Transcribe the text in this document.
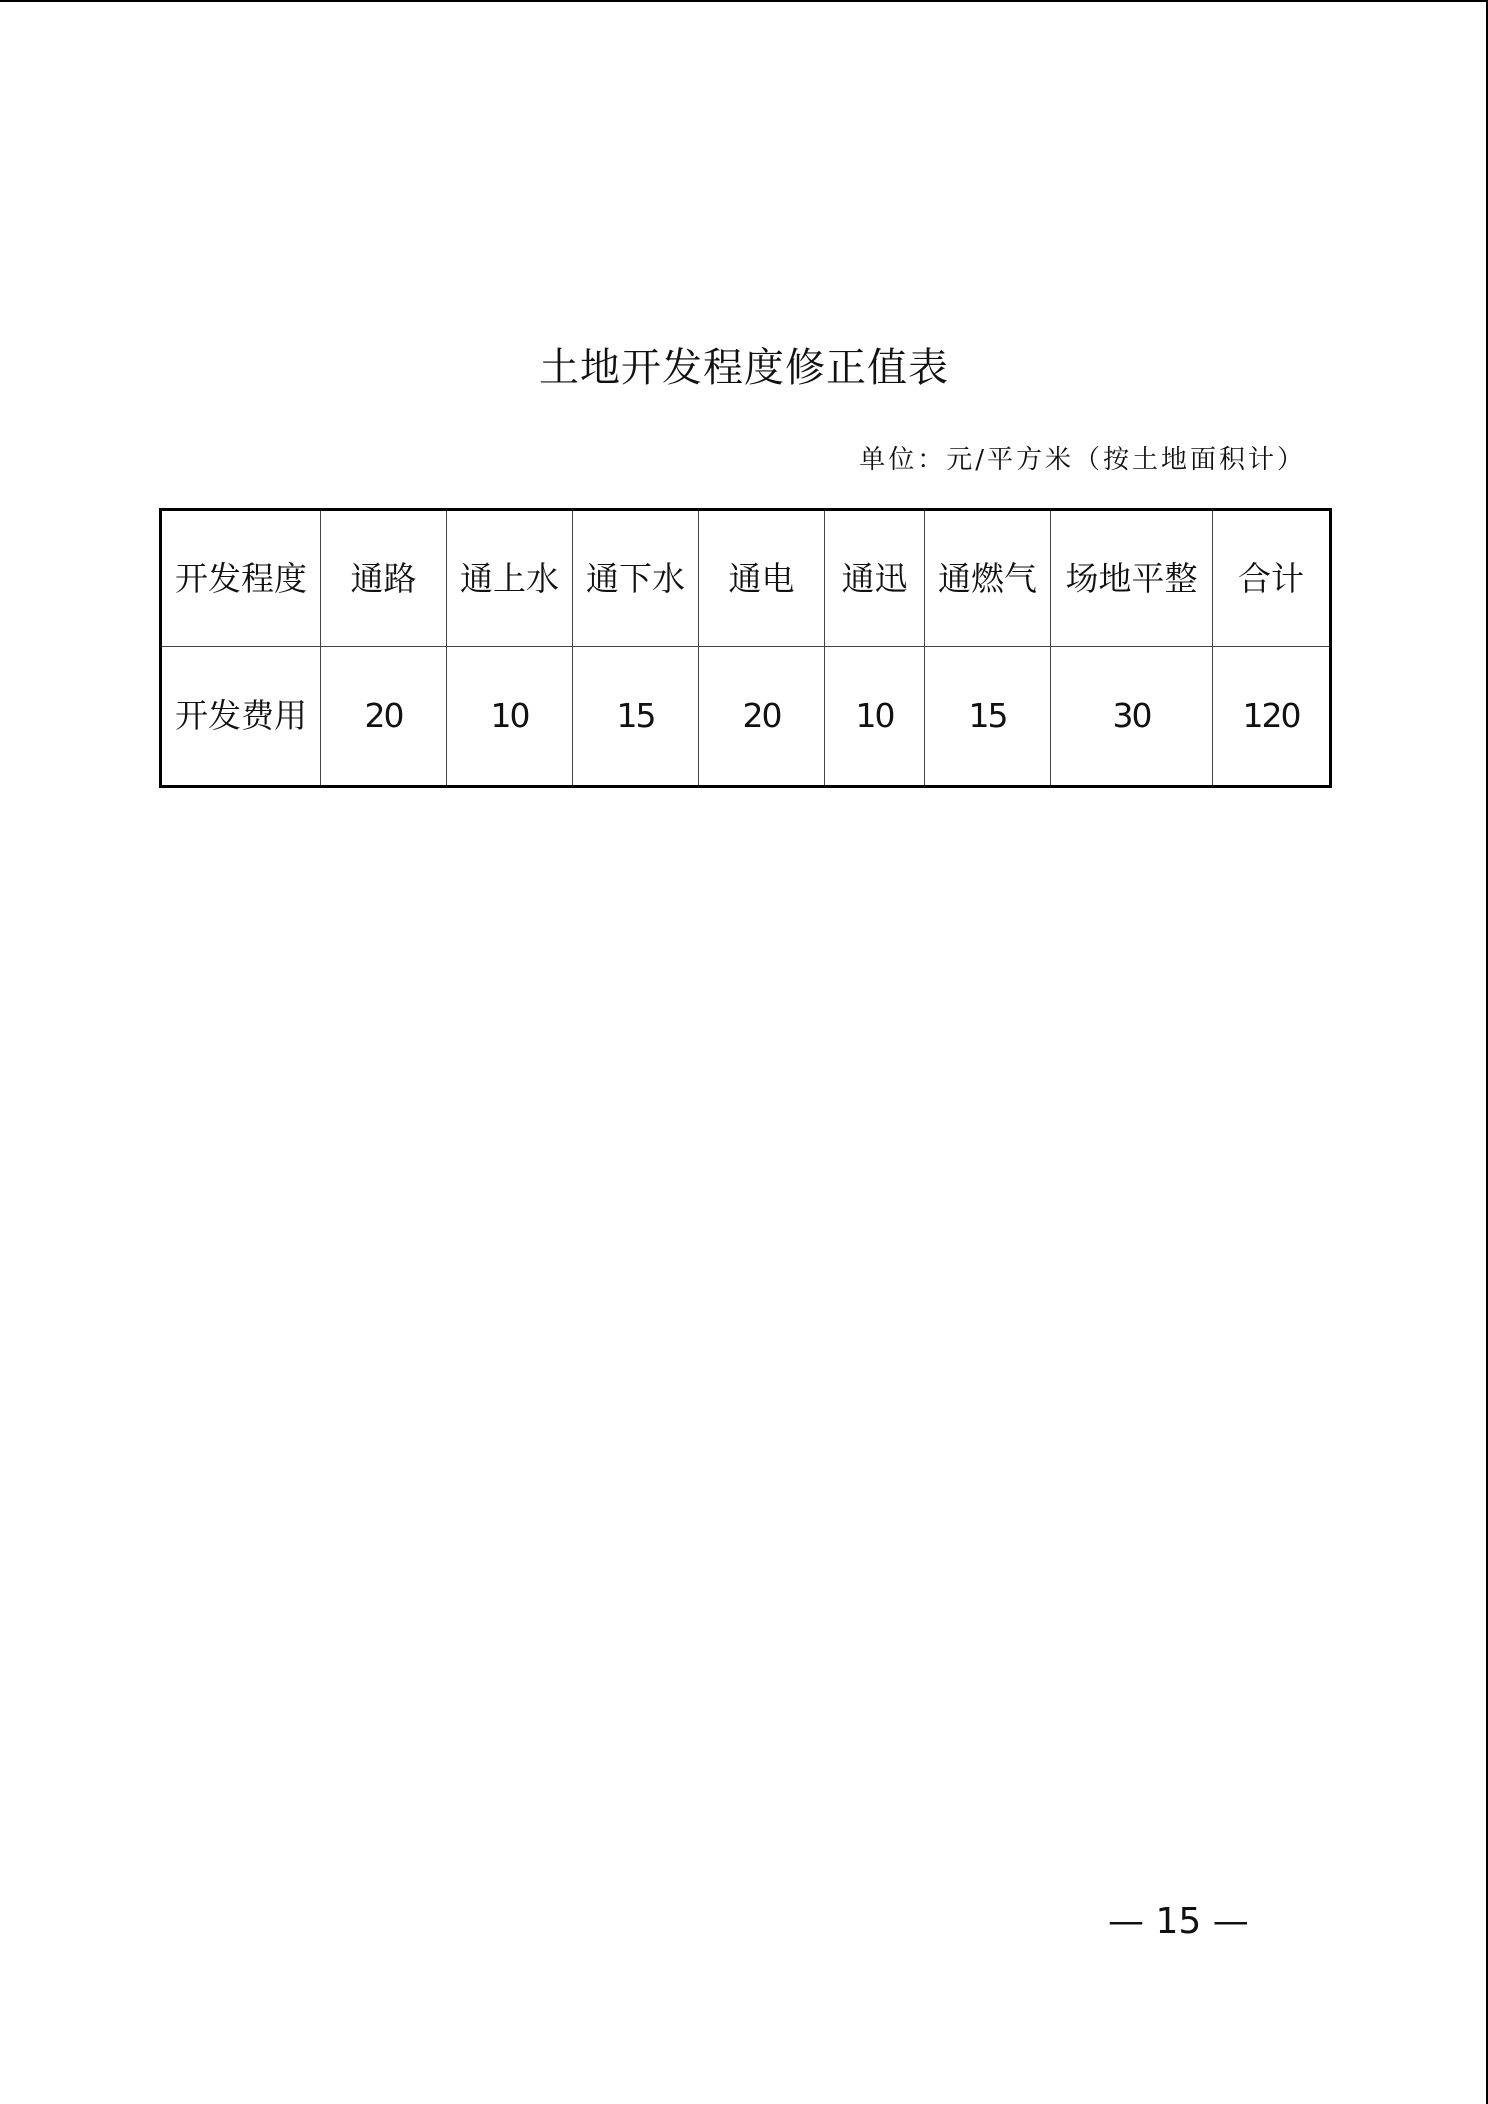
土地开发程度修正值表
单位：元/平方米（按土地面积计）
开发程度	通路	通上水	通下水	通电	通迅	通燃气	场地平整	合计
开发费用	20	10	15	20	10	15	30	120
— 15 —
